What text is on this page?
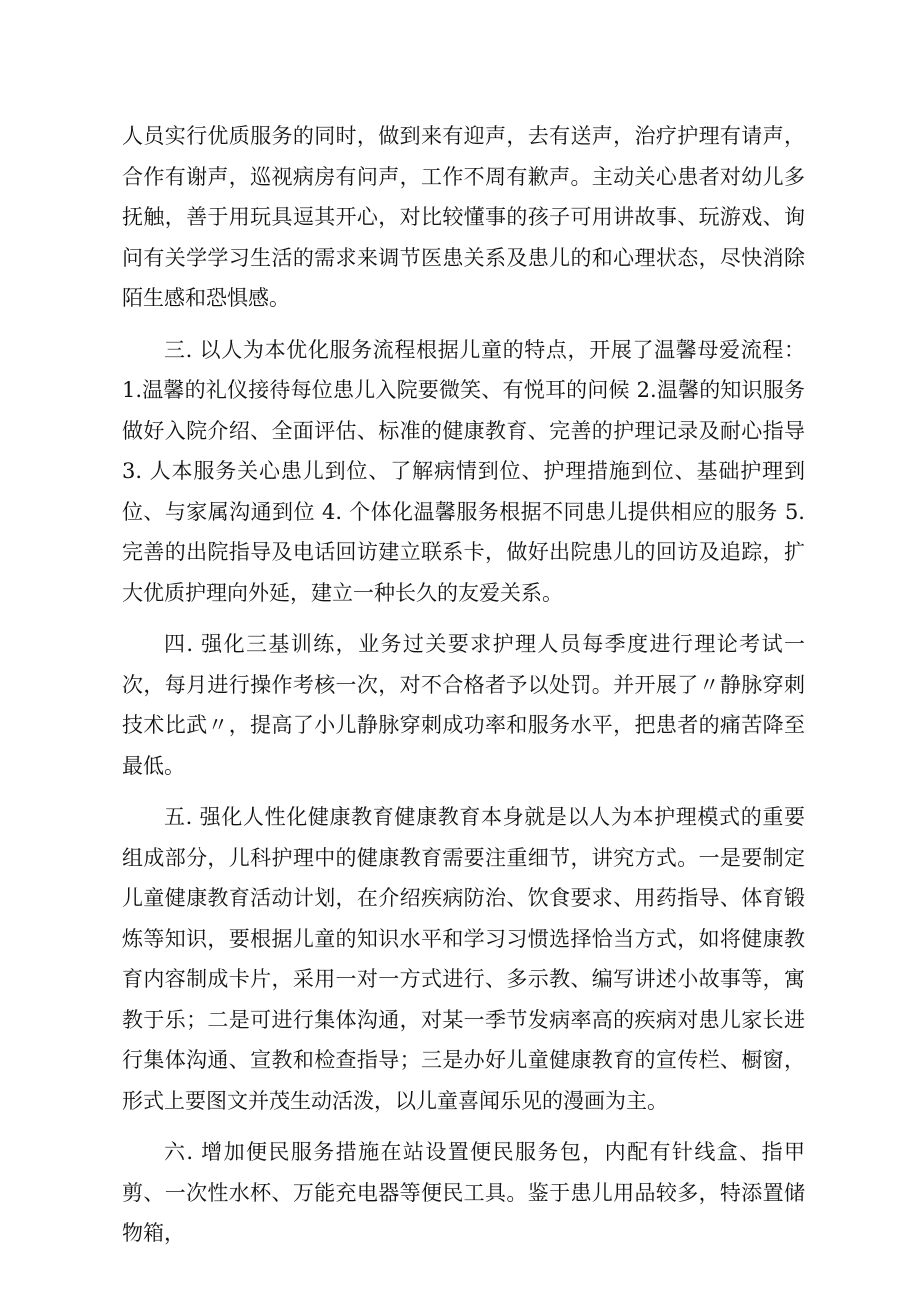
人员实行优质服务的同时，做到来有迎声，去有送声，治疗护理有请声，合作有谢声，巡视病房有问声，工作不周有歉声。主动关心患者对幼儿多抚触，善于用玩具逗其开心，对比较懂事的孩子可用讲故事、玩游戏、询问有关学学习生活的需求来调节医患关系及患儿的和心理状态，尽快消除陌生感和恐惧感。

三. 以人为本优化服务流程根据儿童的特点，开展了温馨母爱流程：1.温馨的礼仪接待每位患儿入院要微笑、有悦耳的问候 2.温馨的知识服务做好入院介绍、全面评估、标准的健康教育、完善的护理记录及耐心指导 3. 人本服务关心患儿到位、了解病情到位、护理措施到位、基础护理到位、与家属沟通到位 4. 个体化温馨服务根据不同患儿提供相应的服务 5.完善的出院指导及电话回访建立联系卡，做好出院患儿的回访及追踪，扩大优质护理向外延，建立一种长久的友爱关系。

四. 强化三基训练，业务过关要求护理人员每季度进行理论考试一次，每月进行操作考核一次，对不合格者予以处罚。并开展了〃静脉穿刺技术比武〃，提高了小儿静脉穿刺成功率和服务水平，把患者的痛苦降至最低。

五. 强化人性化健康教育健康教育本身就是以人为本护理模式的重要组成部分，儿科护理中的健康教育需要注重细节，讲究方式。一是要制定儿童健康教育活动计划，在介绍疾病防治、饮食要求、用药指导、体育锻炼等知识，要根据儿童的知识水平和学习习惯选择恰当方式，如将健康教育内容制成卡片，采用一对一方式进行、多示教、编写讲述小故事等，寓教于乐；二是可进行集体沟通，对某一季节发病率高的疾病对患儿家长进行集体沟通、宣教和检查指导；三是办好儿童健康教育的宣传栏、橱窗，形式上要图文并茂生动活泼，以儿童喜闻乐见的漫画为主。

六. 增加便民服务措施在站设置便民服务包，内配有针线盒、指甲剪、一次性水杯、万能充电器等便民工具。鉴于患儿用品较多，特添置储物箱，
